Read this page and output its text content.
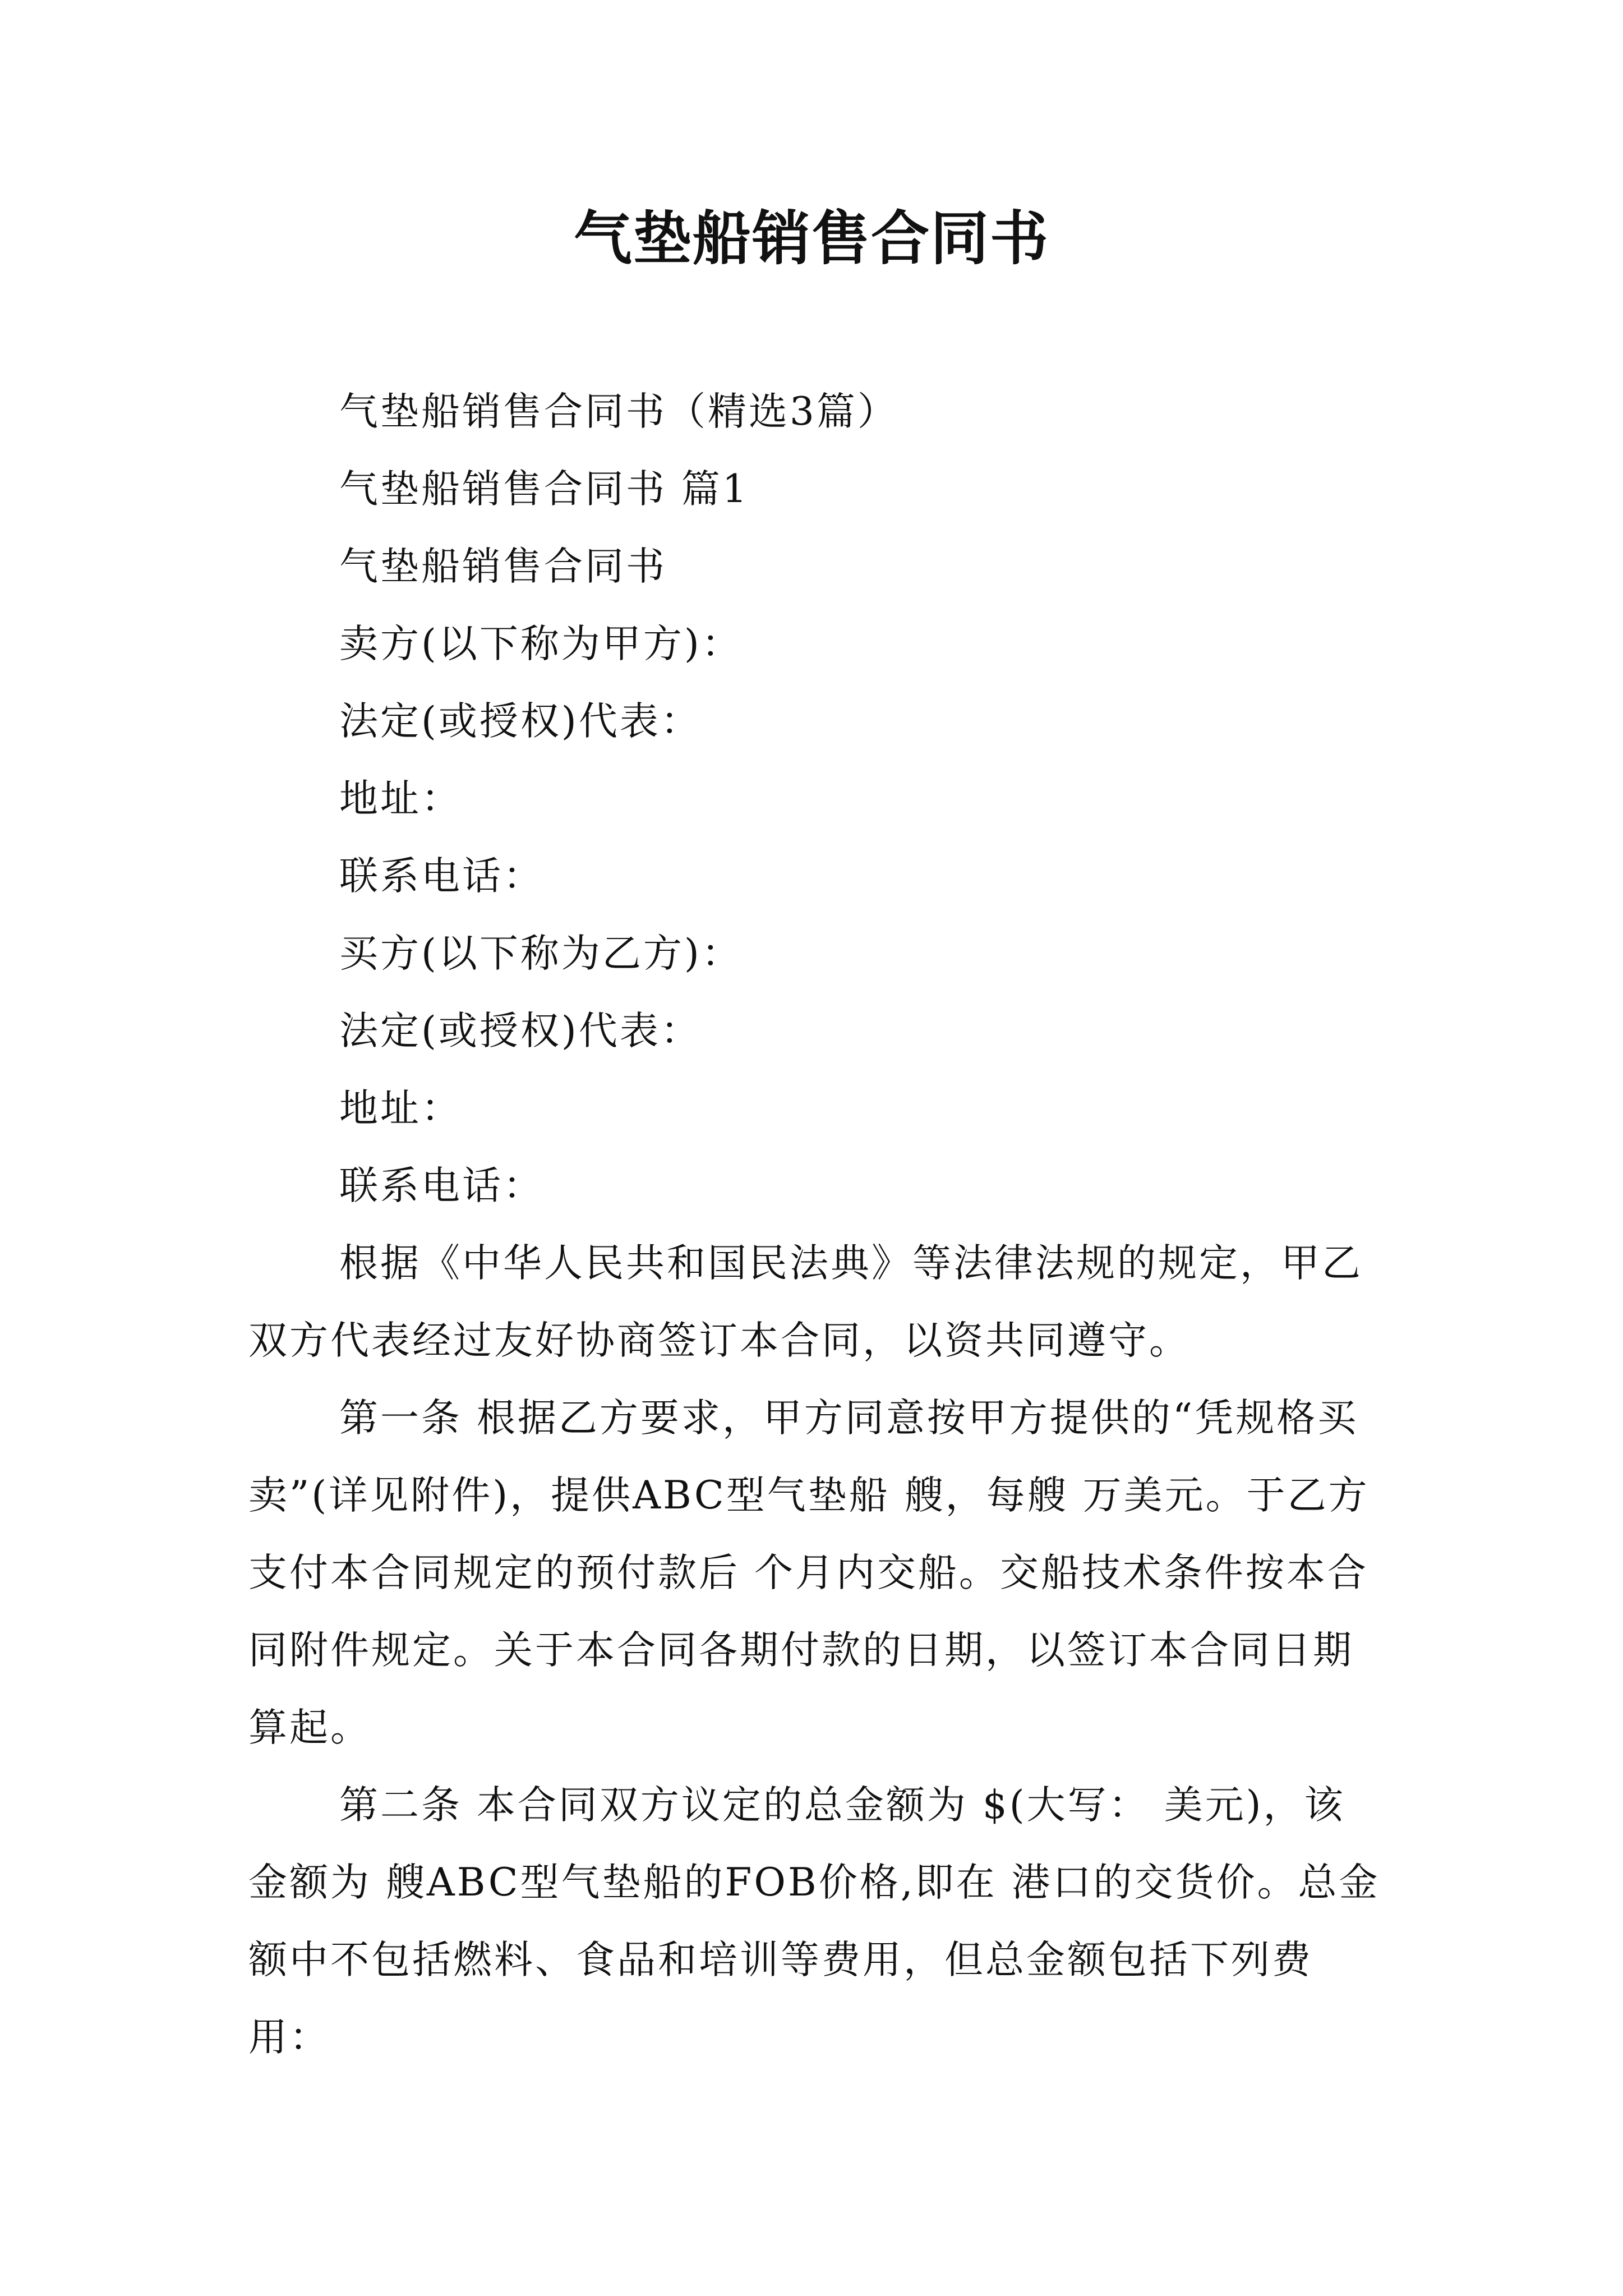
气垫船销售合同书

气垫船销售合同书（精选3篇）

气垫船销售合同书 篇1

气垫船销售合同书

卖方(以下称为甲方)：

法定(或授权)代表：

地址：

联系电话：

买方(以下称为乙方)：

法定(或授权)代表：

地址：

联系电话：

根据《中华人民共和国民法典》等法律法规的规定，甲乙双方代表经过友好协商签订本合同，以资共同遵守。

第一条 根据乙方要求，甲方同意按甲方提供的“凭规格买卖”(详见附件)，提供ABC型气垫船 艘，每艘 万美元。于乙方支付本合同规定的预付款后 个月内交船。交船技术条件按本合同附件规定。关于本合同各期付款的日期，以签订本合同日期算起。

第二条 本合同双方议定的总金额为 $(大写： 美元)，该金额为 艘ABC型气垫船的FOB价格,即在 港口的交货价。总金额中不包括燃料、食品和培训等费用，但总金额包括下列费用：
